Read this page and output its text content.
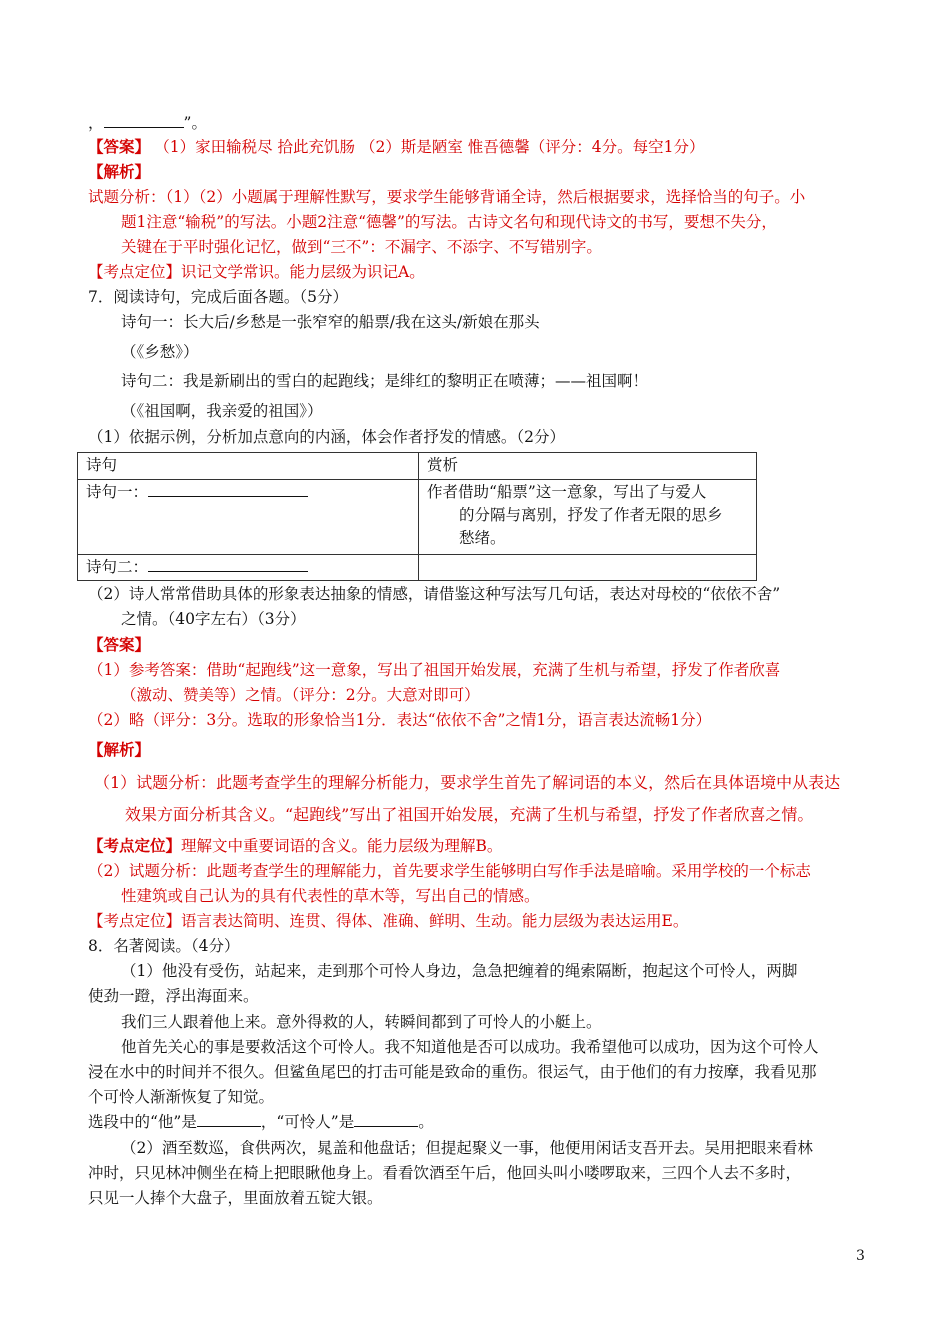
，	”。
【答案】 （1）家田输税尽 拾此充饥肠 （2）斯是陋室 惟吾德馨（评分：4分。每空1分）
【解析】
试题分析：（1）（2）小题属于理解性默写，要求学生能够背诵全诗，然后根据要求，选择恰当的句子。小
题1注意“输税”的写法。小题2注意“德馨”的写法。古诗文名句和现代诗文的书写，要想不失分，
关键在于平时强化记忆，做到“三不”：不漏字、不添字、不写错别字。
【考点定位】识记文学常识。能力层级为识记A。
7．阅读诗句，完成后面各题。（5分）
诗句一：长大后/乡愁是一张窄窄的船票/我在这头/新娘在那头
（《乡愁》）
诗句二：我是新刷出的雪白的起跑线；是绯红的黎明正在喷薄；——祖国啊！
（《祖国啊，我亲爱的祖国》）
（1）依据示例，分析加点意向的内涵，体会作者抒发的情感。（2分）
诗句	赏析
诗句一：	作者借助“船票”这一意象，写出了与爱人
的分隔与离别，抒发了作者无限的思乡
愁绪。

诗句二：	
（2）诗人常常借助具体的形象表达抽象的情感，请借鉴这种写法写几句话，表达对母校的“依依不舍”
之情。（40字左右）（3分）
【答案】
（1）参考答案：借助“起跑线”这一意象，写出了祖国开始发展，充满了生机与希望，抒发了作者欣喜
（激动、赞美等）之情。（评分：2分。大意对即可）
（2）略（评分：3分。选取的形象恰当1分．表达“依依不舍”之情1分，语言表达流畅1分）
【解析】
（1）试题分析：此题考查学生的理解分析能力，要求学生首先了解词语的本义，然后在具体语境中从表达
效果方面分析其含义。“起跑线”写出了祖国开始发展，充满了生机与希望，抒发了作者欣喜之情。
【考点定位】理解文中重要词语的含义。能力层级为理解B。
（2）试题分析：此题考查学生的理解能力，首先要求学生能够明白写作手法是暗喻。采用学校的一个标志
性建筑或自己认为的具有代表性的草木等，写出自己的情感。
【考点定位】语言表达简明、连贯、得体、准确、鲜明、生动。能力层级为表达运用E。
8．名著阅读。（4分）
（1）他没有受伤，站起来，走到那个可怜人身边，急急把缠着的绳索隔断，抱起这个可怜人，两脚
使劲一蹬，浮出海面来。
我们三人跟着他上来。意外得救的人，转瞬间都到了可怜人的小艇上。
他首先关心的事是要救活这个可怜人。我不知道他是否可以成功。我希望他可以成功，因为这个可怜人
浸在水中的时间并不很久。但鲨鱼尾巴的打击可能是致命的重伤。很运气，由于他们的有力按摩，我看见那
个可怜人渐渐恢复了知觉。
选段中的“他”是	，“可怜人”是	。
（2）酒至数巡，食供两次，晁盖和他盘话；但提起聚义一事，他便用闲话支吾开去。吴用把眼来看林
冲时，只见林冲侧坐在椅上把眼瞅他身上。看看饮酒至午后，他回头叫小喽啰取来，三四个人去不多时，
只见一人捧个大盘子，里面放着五锭大银。
3
